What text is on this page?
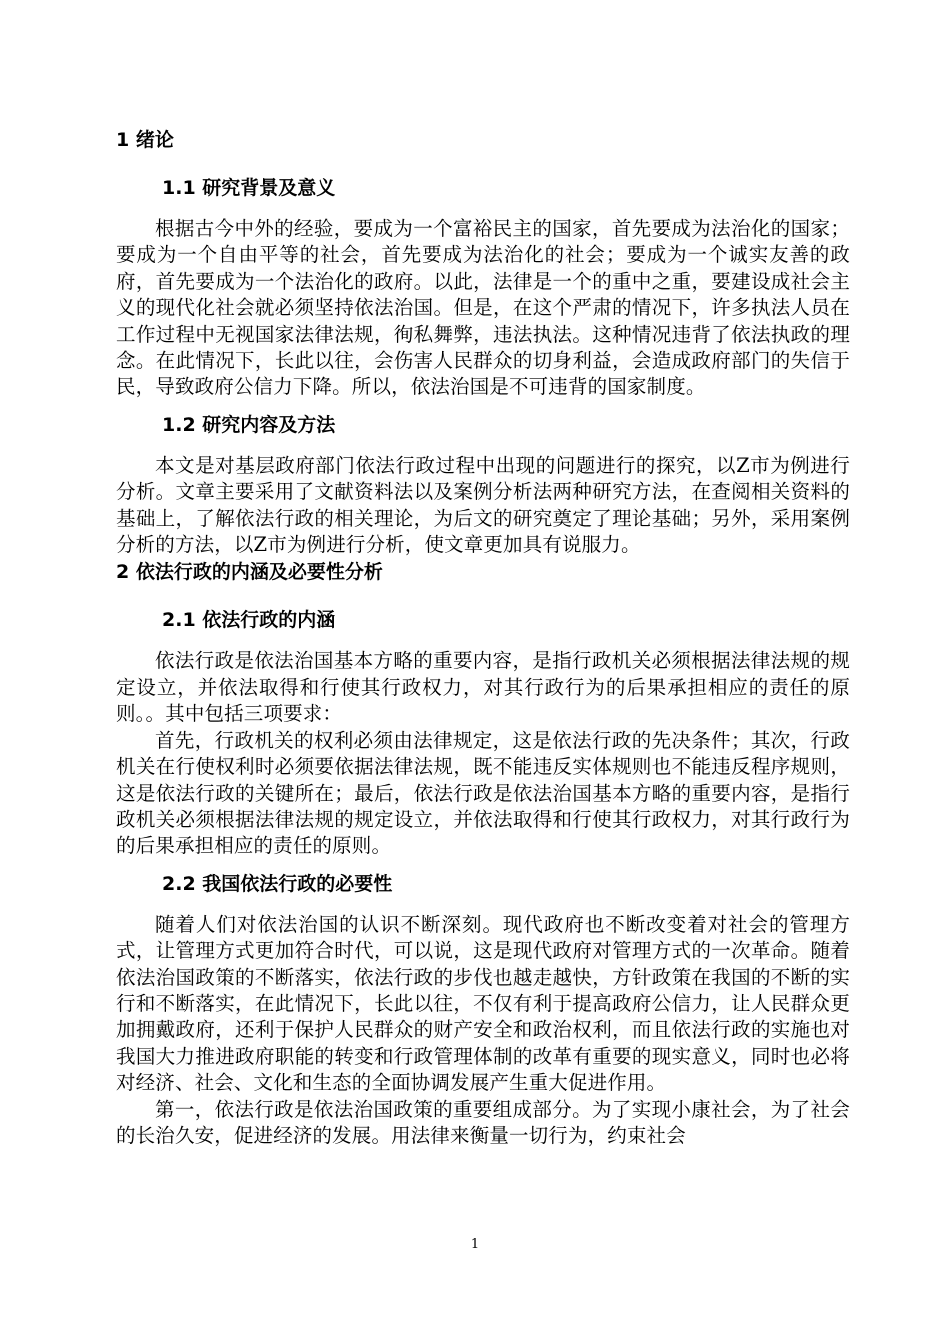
1 绪论
1.1 研究背景及意义

根据古今中外的经验，要成为一个富裕民主的国家，首先要成为法治化的国家；要成为一个自由平等的社会，首先要成为法治化的社会；要成为一个诚实友善的政府，首先要成为一个法治化的政府。以此，法律是一个的重中之重，要建设成社会主义的现代化社会就必须坚持依法治国。但是，在这个严肃的情况下，许多执法人员在工作过程中无视国家法律法规，徇私舞弊，违法执法。这种情况违背了依法执政的理念。在此情况下，长此以往，会伤害人民群众的切身利益，会造成政府部门的失信于民，导致政府公信力下降。所以，依法治国是不可违背的国家制度。

1.2 研究内容及方法

本文是对基层政府部门依法行政过程中出现的问题进行的探究，以Z市为例进行分析。文章主要采用了文献资料法以及案例分析法两种研究方法，在查阅相关资料的基础上，了解依法行政的相关理论，为后文的研究奠定了理论基础；另外，采用案例分析的方法，以Z市为例进行分析，使文章更加具有说服力。

2 依法行政的内涵及必要性分析
2.1 依法行政的内涵

依法行政是依法治国基本方略的重要内容，是指行政机关必须根据法律法规的规定设立，并依法取得和行使其行政权力，对其行政行为的后果承担相应的责任的原则。。其中包括三项要求：

首先，行政机关的权利必须由法律规定，这是依法行政的先决条件；其次，行政机关在行使权利时必须要依据法律法规，既不能违反实体规则也不能违反程序规则，这是依法行政的关键所在；最后，依法行政是依法治国基本方略的重要内容，是指行政机关必须根据法律法规的规定设立，并依法取得和行使其行政权力，对其行政行为的后果承担相应的责任的原则。

2.2 我国依法行政的必要性

随着人们对依法治国的认识不断深刻。现代政府也不断改变着对社会的管理方式，让管理方式更加符合时代，可以说，这是现代政府对管理方式的一次革命。随着依法治国政策的不断落实，依法行政的步伐也越走越快，方针政策在我国的不断的实行和不断落实，在此情况下，长此以往，不仅有利于提高政府公信力，让人民群众更加拥戴政府，还利于保护人民群众的财产安全和政治权利，而且依法行政的实施也对我国大力推进政府职能的转变和行政管理体制的改革有重要的现实意义，同时也必将对经济、社会、文化和生态的全面协调发展产生重大促进作用。

第一，依法行政是依法治国政策的重要组成部分。为了实现小康社会，为了社会的长治久安，促进经济的发展。用法律来衡量一切行为，约束社会

1
